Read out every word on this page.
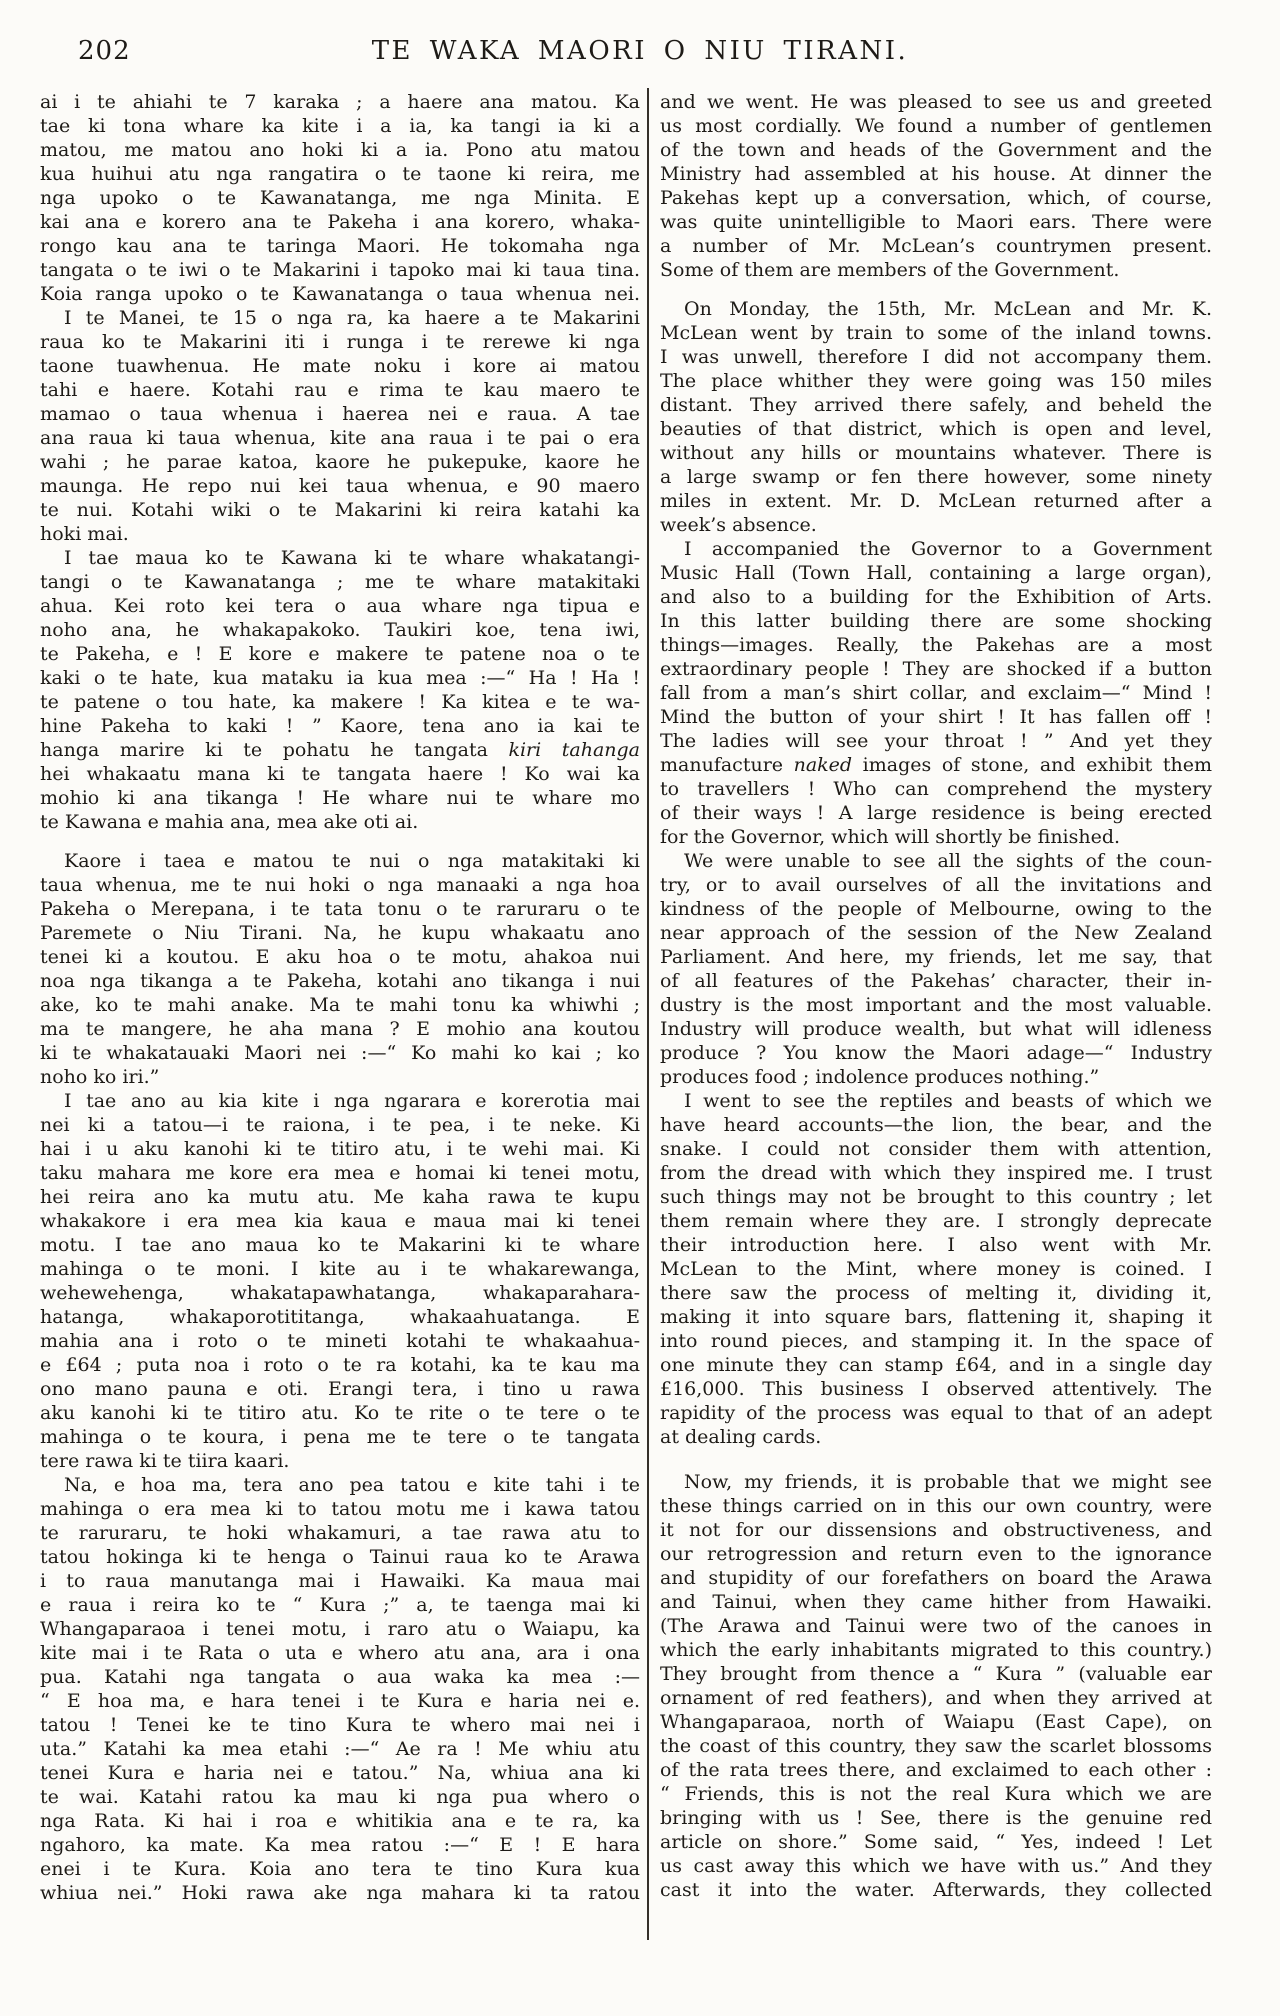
202	TE WAKA MAORI O NIU TIRANI.
ai i te ahiahi te 7 karaka ; a haere ana matou. Ka
tae ki tona whare ka kite i a ia, ka tangi ia ki a
matou, me matou ano hoki ki a ia. Pono atu matou
kua huihui atu nga rangatira o te taone ki reira, me
nga upoko o te Kawanatanga, me nga Minita. E
kai ana e korero ana te Pakeha i ana korero, whaka-
rongo kau ana te taringa Maori. He tokomaha nga
tangata o te iwi o te Makarini i tapoko mai ki taua tina.
Koia ranga upoko o te Kawanatanga o taua whenua nei.
I te Manei, te 15 o nga ra, ka haere a te Makarini
raua ko te Makarini iti i runga i te rerewe ki nga
taone tuawhenua. He mate noku i kore ai matou
tahi e haere. Kotahi rau e rima te kau maero te
mamao o taua whenua i haerea nei e raua. A tae
ana raua ki taua whenua, kite ana raua i te pai o era
wahi ; he parae katoa, kaore he pukepuke, kaore he
maunga. He repo nui kei taua whenua, e 90 maero
te nui. Kotahi wiki o te Makarini ki reira katahi ka
hoki mai.
I tae maua ko te Kawana ki te whare whakatangi-
tangi o te Kawanatanga ; me te whare matakitaki
ahua. Kei roto kei tera o aua whare nga tipua e
noho ana, he whakapakoko. Taukiri koe, tena iwi,
te Pakeha, e ! E kore e makere te patene noa o te
kaki o te hate, kua mataku ia kua mea :—“ Ha ! Ha !
te patene o tou hate, ka makere ! Ka kitea e te wa-
hine Pakeha to kaki ! ” Kaore, tena ano ia kai te
hanga marire ki te pohatu he tangata kiri tahanga
hei whakaatu mana ki te tangata haere ! Ko wai ka
mohio ki ana tikanga ! He whare nui te whare mo
te Kawana e mahia ana, mea ake oti ai.
Kaore i taea e matou te nui o nga matakitaki ki
taua whenua, me te nui hoki o nga manaaki a nga hoa
Pakeha o Merepana, i te tata tonu o te raruraru o te
Paremete o Niu Tirani. Na, he kupu whakaatu ano
tenei ki a koutou. E aku hoa o te motu, ahakoa nui
noa nga tikanga a te Pakeha, kotahi ano tikanga i nui
ake, ko te mahi anake. Ma te mahi tonu ka whiwhi ;
ma te mangere, he aha mana ? E mohio ana koutou
ki te whakatauaki Maori nei :—“ Ko mahi ko kai ; ko
noho ko iri.”
I tae ano au kia kite i nga ngarara e korerotia mai
nei ki a tatou—i te raiona, i te pea, i te neke. Ki
hai i u aku kanohi ki te titiro atu, i te wehi mai. Ki
taku mahara me kore era mea e homai ki tenei motu,
hei reira ano ka mutu atu. Me kaha rawa te kupu
whakakore i era mea kia kaua e maua mai ki tenei
motu. I tae ano maua ko te Makarini ki te whare
mahinga o te moni. I kite au i te whakarewanga,
wehewehenga, whakatapawhatanga, whakaparahara-
hatanga, whakaporotititanga, whakaahuatanga. E
mahia ana i roto o te mineti kotahi te whakaahua-
e £64 ; puta noa i roto o te ra kotahi, ka te kau ma
ono mano pauna e oti. Erangi tera, i tino u rawa
aku kanohi ki te titiro atu. Ko te rite o te tere o te
mahinga o te koura, i pena me te tere o te tangata
tere rawa ki te tiira kaari.
Na, e hoa ma, tera ano pea tatou e kite tahi i te
mahinga o era mea ki to tatou motu me i kawa tatou
te raruraru, te hoki whakamuri, a tae rawa atu to
tatou hokinga ki te henga o Tainui raua ko te Arawa
i to raua manutanga mai i Hawaiki. Ka maua mai
e raua i reira ko te “ Kura ;” a, te taenga mai ki
Whangaparaoa i tenei motu, i raro atu o Waiapu, ka
kite mai i te Rata o uta e whero atu ana, ara i ona
pua. Katahi nga tangata o aua waka ka mea :—
“ E hoa ma, e hara tenei i te Kura e haria nei e.
tatou ! Tenei ke te tino Kura te whero mai nei i
uta.” Katahi ka mea etahi :—“ Ae ra ! Me whiu atu
tenei Kura e haria nei e tatou.” Na, whiua ana ki
te wai. Katahi ratou ka mau ki nga pua whero o
nga Rata. Ki hai i roa e whitikia ana e te ra, ka
ngahoro, ka mate. Ka mea ratou :—“ E ! E hara
enei i te Kura. Koia ano tera te tino Kura kua
whiua nei.” Hoki rawa ake nga mahara ki ta ratou
and we went. He was pleased to see us and greeted
us most cordially. We found a number of gentlemen
of the town and heads of the Government and the
Ministry had assembled at his house. At dinner the
Pakehas kept up a conversation, which, of course,
was quite unintelligible to Maori ears. There were
a number of Mr. McLean’s countrymen present.
Some of them are members of the Government.
On Monday, the 15th, Mr. McLean and Mr. K.
McLean went by train to some of the inland towns.
I was unwell, therefore I did not accompany them.
The place whither they were going was 150 miles
distant. They arrived there safely, and beheld the
beauties of that district, which is open and level,
without any hills or mountains whatever. There is
a large swamp or fen there however, some ninety
miles in extent. Mr. D. McLean returned after a
week’s absence.
I accompanied the Governor to a Government
Music Hall (Town Hall, containing a large organ),
and also to a building for the Exhibition of Arts.
In this latter building there are some shocking
things—images. Really, the Pakehas are a most
extraordinary people ! They are shocked if a button
fall from a man’s shirt collar, and exclaim—“ Mind !
Mind the button of your shirt ! It has fallen off !
The ladies will see your throat ! ” And yet they
manufacture naked images of stone, and exhibit them
to travellers ! Who can comprehend the mystery
of their ways ! A large residence is being erected
for the Governor, which will shortly be finished.
We were unable to see all the sights of the coun-
try, or to avail ourselves of all the invitations and
kindness of the people of Melbourne, owing to the
near approach of the session of the New Zealand
Parliament. And here, my friends, let me say, that
of all features of the Pakehas’ character, their in-
dustry is the most important and the most valuable.
Industry will produce wealth, but what will idleness
produce ? You know the Maori adage—“ Industry
produces food ; indolence produces nothing.”
I went to see the reptiles and beasts of which we
have heard accounts—the lion, the bear, and the
snake. I could not consider them with attention,
from the dread with which they inspired me. I trust
such things may not be brought to this country ; let
them remain where they are. I strongly deprecate
their introduction here. I also went with Mr.
McLean to the Mint, where money is coined. I
there saw the process of melting it, dividing it,
making it into square bars, flattening it, shaping it
into round pieces, and stamping it. In the space of
one minute they can stamp £64, and in a single day
£16,000. This business I observed attentively. The
rapidity of the process was equal to that of an adept
at dealing cards.
Now, my friends, it is probable that we might see
these things carried on in this our own country, were
it not for our dissensions and obstructiveness, and
our retrogression and return even to the ignorance
and stupidity of our forefathers on board the Arawa
and Tainui, when they came hither from Hawaiki.
(The Arawa and Tainui were two of the canoes in
which the early inhabitants migrated to this country.)
They brought from thence a “ Kura ” (valuable ear
ornament of red feathers), and when they arrived at
Whangaparaoa, north of Waiapu (East Cape), on
the coast of this country, they saw the scarlet blossoms
of the rata trees there, and exclaimed to each other :
“ Friends, this is not the real Kura which we are
bringing with us ! See, there is the genuine red
article on shore.” Some said, “ Yes, indeed ! Let
us cast away this which we have with us.” And they
cast it into the water. Afterwards, they collected
